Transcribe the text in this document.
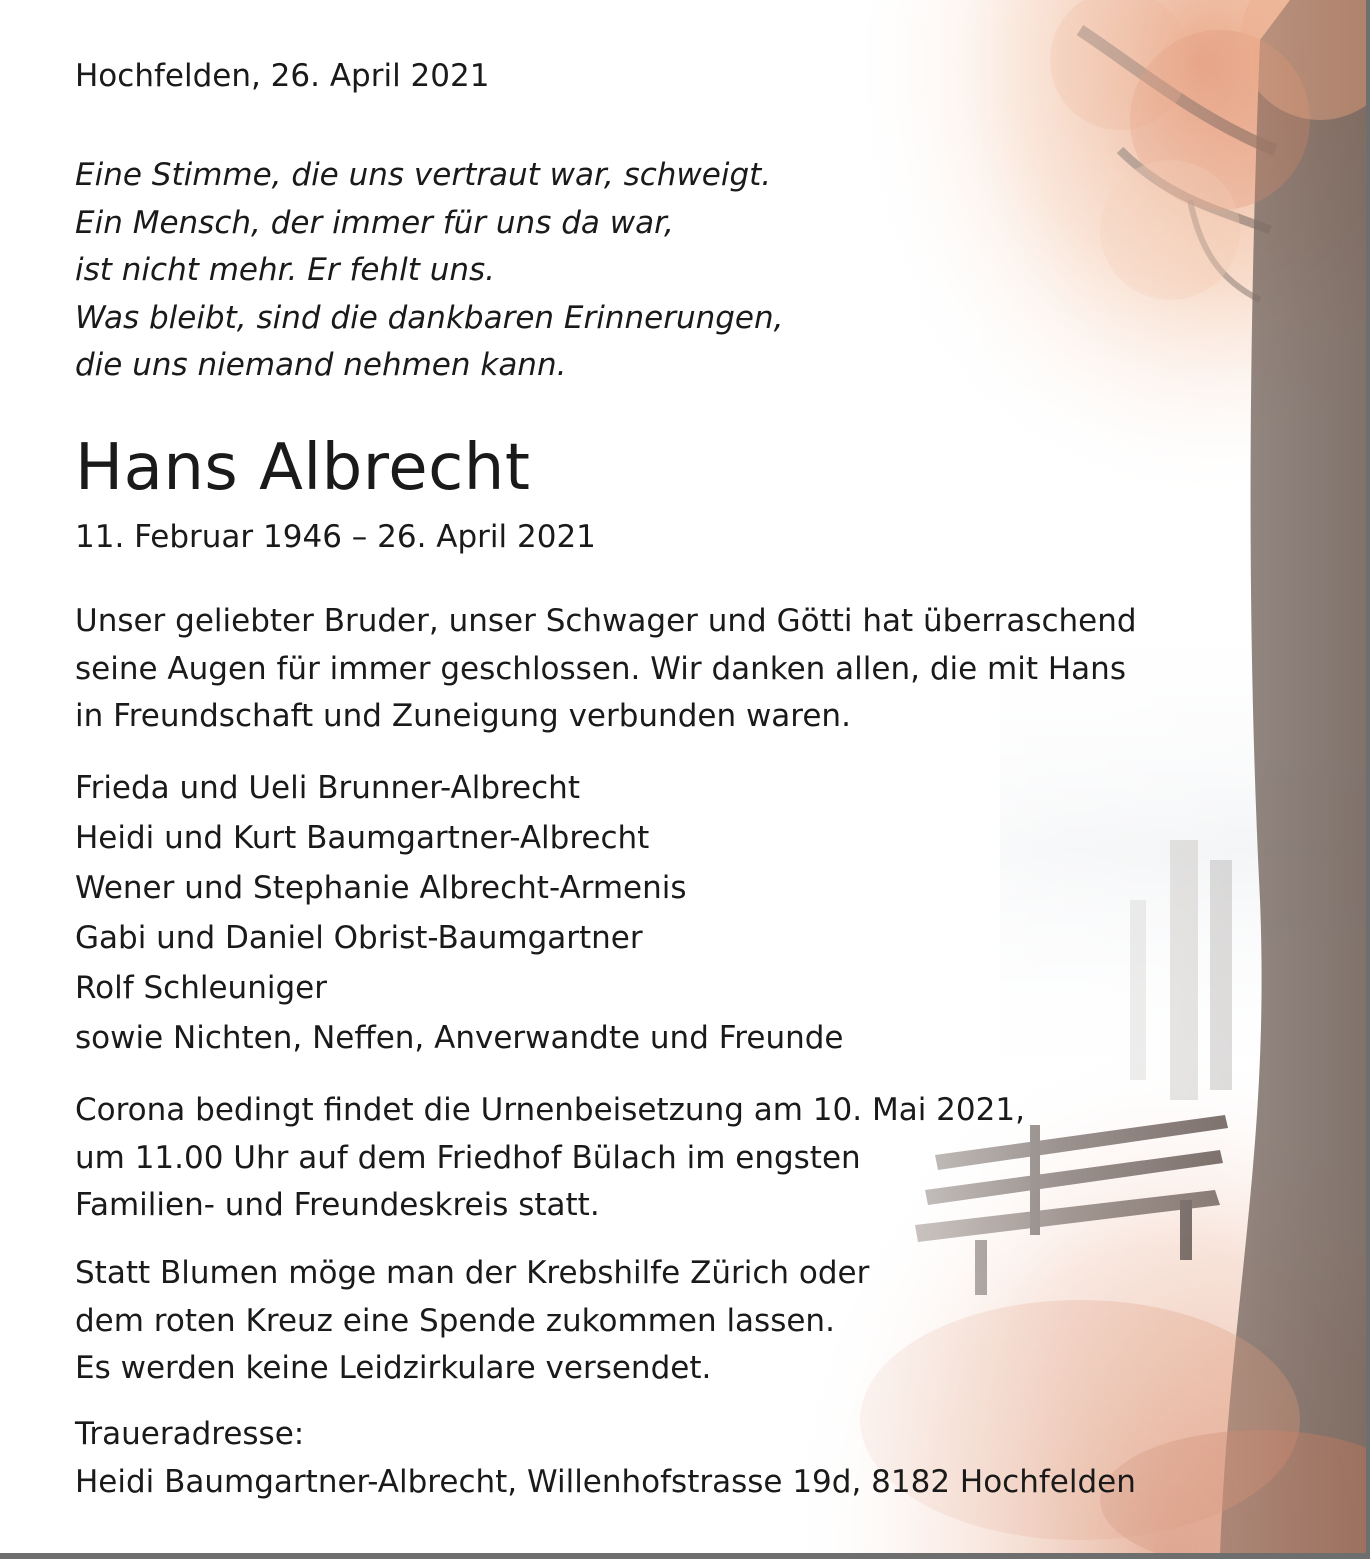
Hochfelden, 26. April 2021
Eine Stimme, die uns vertraut war, schweigt.
Ein Mensch, der immer für uns da war,
ist nicht mehr. Er fehlt uns.
Was bleibt, sind die dankbaren Erinnerungen,
die uns niemand nehmen kann.
Hans Albrecht
11. Februar 1946 – 26. April 2021
Unser geliebter Bruder, unser Schwager und Götti hat überraschend
seine Augen für immer geschlossen. Wir danken allen, die mit Hans
in Freundschaft und Zuneigung verbunden waren.
Frieda und Ueli Brunner-Albrecht
Heidi und Kurt Baumgartner-Albrecht
Wener und Stephanie Albrecht-Armenis
Gabi und Daniel Obrist-Baumgartner
Rolf Schleuniger
sowie Nichten, Neffen, Anverwandte und Freunde
Corona bedingt findet die Urnenbeisetzung am 10. Mai 2021,
um 11.00 Uhr auf dem Friedhof Bülach im engsten
Familien- und Freundeskreis statt.
Statt Blumen möge man der Krebshilfe Zürich oder
dem roten Kreuz eine Spende zukommen lassen.
Es werden keine Leidzirkulare versendet.
Traueradresse:
Heidi Baumgartner-Albrecht, Willenhofstrasse 19d, 8182 Hochfelden
